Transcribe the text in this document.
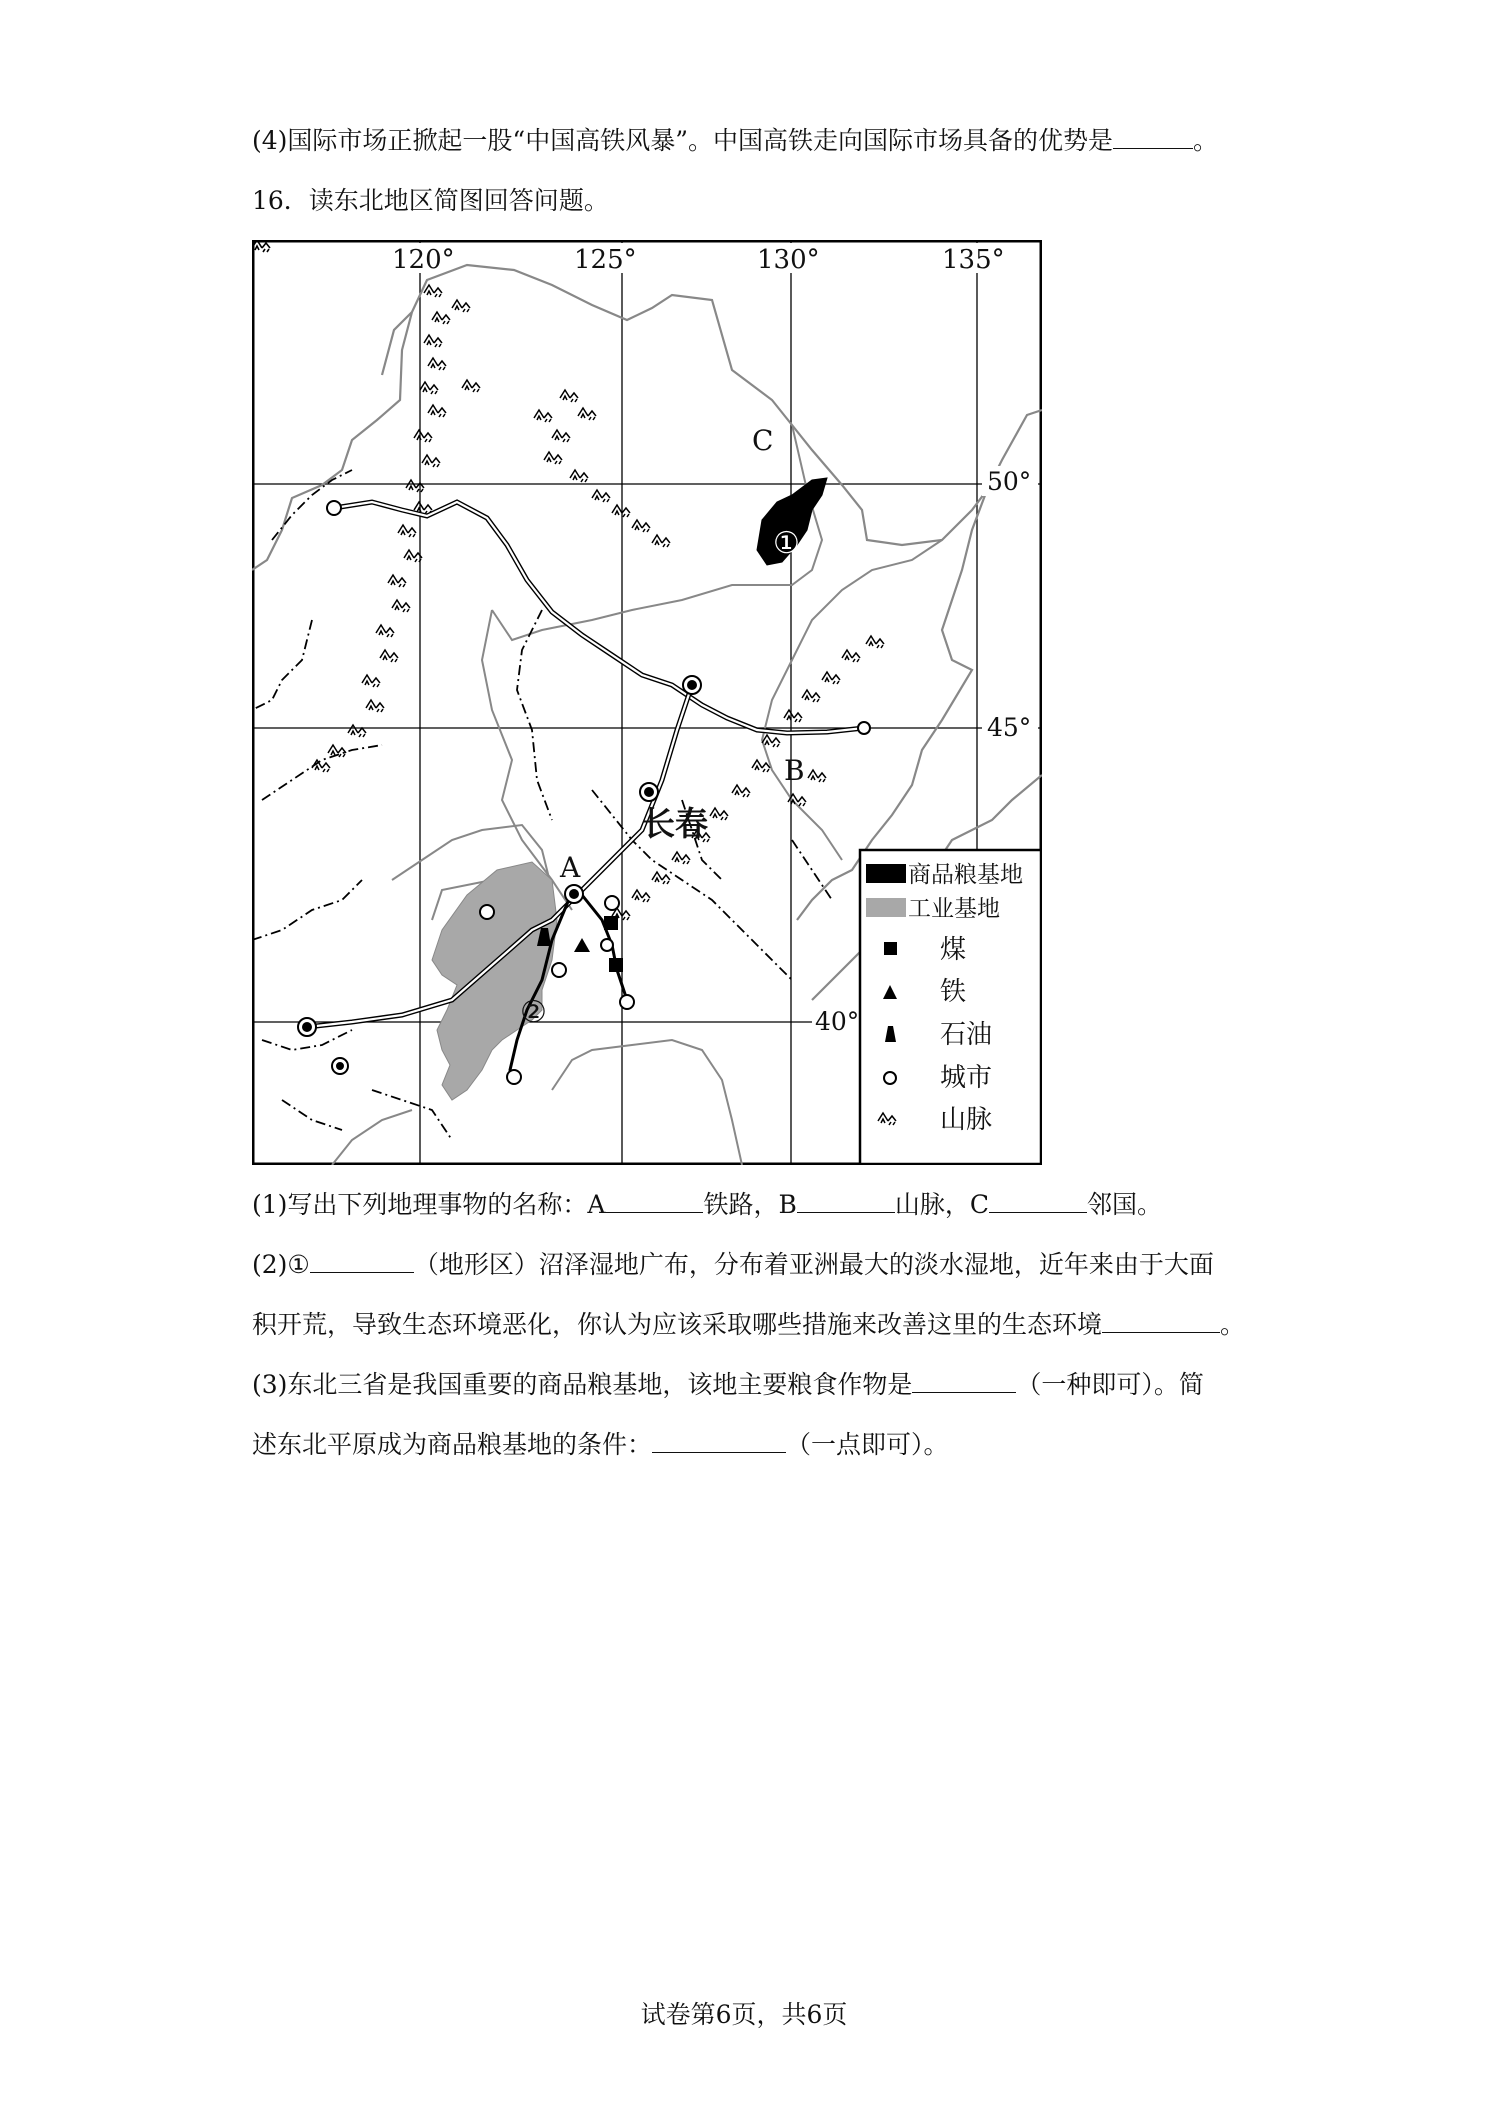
(4)国际市场正掀起一股“中国高铁风暴”。中国高铁走向国际市场具备的优势是	。
16．读东北地区简图回答问题。
120°	125°	130°	135°
50°
45°
40°
C
B
A
长春
①
②
商品粮基地
工业基地
煤
铁
石油
城市
山脉
(1)写出下列地理事物的名称：A	铁路，B	山脉，C	邻国。
(2)①	（地形区）沼泽湿地广布，分布着亚洲最大的淡水湿地，近年来由于大面
积开荒，导致生态环境恶化，你认为应该采取哪些措施来改善这里的生态环境	。
(3)东北三省是我国重要的商品粮基地，该地主要粮食作物是	（一种即可）。简
述东北平原成为商品粮基地的条件：	（一点即可）。
试卷第6页，共6页
